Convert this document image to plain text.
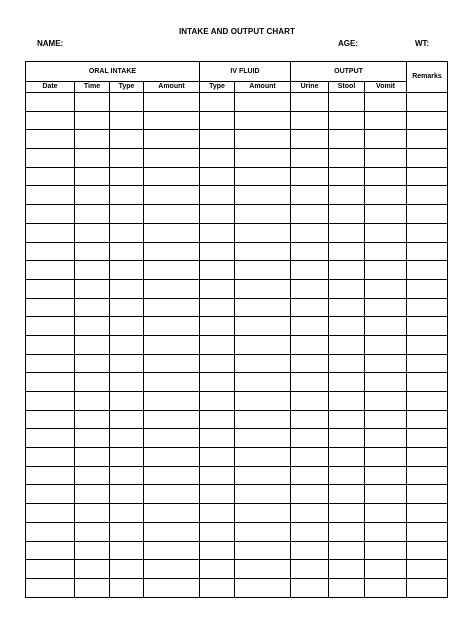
INTAKE AND OUTPUT CHART
NAME:	AGE:	WT:
ORAL INTAKE				IV FLUID		OUTPUT			Remarks
Date	Time	Type	Amount	Type	Amount	Urine	Stool	Vomit	
